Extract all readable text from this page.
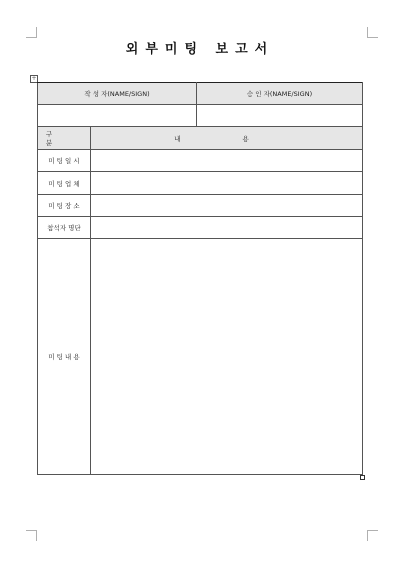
외부미팅 보고서
+
작 성 자(NAME/SIGN)		승 인 자(NAME/SIGN)

구 분	내 용	
미 팅 일 시		
미 팅 업 체		
미 팅 장 소		
참석자 명단		
미 팅 내 용		
